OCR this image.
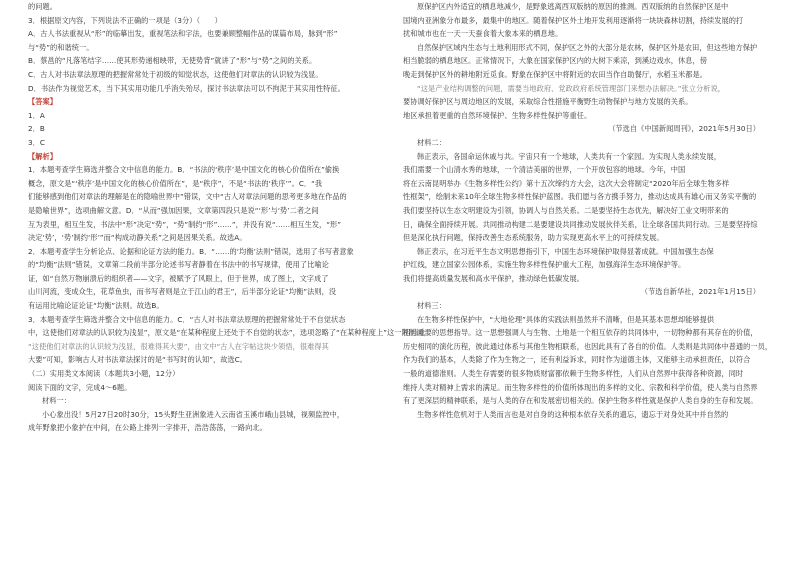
的问题。
3．根据原文内容，下列说法不正确的一项是（3分）（　　）
A．古人书法重视从“形”的临摹出发，重视笔法和字法，也要兼顾整幅作品的谋篇布局，脉到“形”
与“势”的和谐统一。
B．蔡邕的“凡落笔结字……使其形势递相映带，无使势背”就讲了“形”与“势”之间的关系。
C．古人对书法章法原理的把握常常处于初级的知觉状态，这使他们对章法的认识较为浅显。
D．书法作为视觉艺术，当下其实用功能几乎消失殆尽，探讨书法章法可以不拘泥于其实用性特征。
【答案】
1．A
2．B
3．C
【解析】
1．本题考查学生筛选并整合文中信息的能力。B．“书法的‘秩序’是中国文化的核心价值所在”偷换
概念，原文是“‘秩序’是中国文化的核心价值所在”，是“秩序”，不是“书法的‘秩序’”。C．“我
们能够感到他们对章法的理解是在的隐喻世界中”错误，文中“古人对章法问题的思考更多地在作品的
是隐喻世界”，选项曲解文意。D．“从而”强加因果，文章第四段只是说“‘形’与‘势’二者之间
互为表里，相互生发，书法中“形”决定“势”，“势”制约“形”……”，并没有说“……相互生发，“形”
决定‘势’，‘势’制约‘形’”而“构成动静关系”之间是因果关系。故选A。
2．本题考查学生分析论点、论据和论证方法的能力。B．“……的‘均衡’法则”错误，选用了书写者意象
的“均衡”法则”错误，文章第二段前半部分论述书写者静着在书法中的书写规律，使用了比喻论
证，如“自然万物崩溃后的组织者——文字，被赋予了风眼上，但于世界，成了图上，文字成了
山川河流，变成众生，花草鱼虫，而书写者则是立于江山的君王”，后半部分论证“均衡”法则，没
有运用比喻论证论证“均衡”法则。故选B。
3．本题考查学生筛选并整合文中信息的能力。C．“古人对书法章法原理的把握常常处于不自觉状态
中，这使他们对章法的认识较为浅显”，原文是“在某种程度上还处于不自觉的状态”，选项忽略了“在某种程度上”这一限制词；
“这使他们对章法的认识较为浅显，很难得其大要”，由文中“古人在字帖这块少领悟，很难得其
大要”可知，影响古人对书法章法探讨的是“书写时的认知”，故选C。
（二）实用类文本阅读（本题共3小题，12分）
阅读下面的文字，完成4～6题。
材料一：
小心象出没！5月27日20时30分，15头野生亚洲象进入云南省玉溪市峨山县城，视频监控中，
成年野象把小象护在中间，在公路上排列一字排开，浩浩荡荡，一路向北。
原保护区内外适宜的栖息地减少，是野象逃离西双版纳的原因的推测。西双版纳的自然保护区是中
国境内亚洲象分布最多，最集中的地区。随着保护区外土地开发利用逐渐将一块块森林切割，持续发展的打
扰和城市也在一天一天蚕食着大象本来的栖息地。
自然保护区域内生态与土地利用形式不同，保护区之外的大部分是农林，保护区外是农田，但这些地方保护
相当脆弱的栖息地区。正常情况下，大象在国家保护区内的大树下乘凉，到溪边戏水，休息，傍
晚走到保护区外的耕地附近觅食。野象在保护区中将附近的农田当作自助餐厅，水稻玉米都是。
“这是产业结构调整的问题，需要当地政府、党政政府系统管理部门来想办法解决。”张立分析说，
要协调好保护区与周边地区的发展，采取综合性措施平衡野生动物保护与地方发展的关系。
地区承担着更重的自然环境保护、生物多样性保护等重任。
（节选自《中国新闻周刊》，2021年5月30日）
材料二：
韩正表示，各国命运休戚与共。宇宙只有一个地球，人类共有一个家园。为实现人类永续发展，
我们需要一个山清水秀的地球，一个清洁美丽的世界，一个开放包容的地球。今年，中国
将在云南昆明举办《生物多样性公约》第十五次缔约方大会，这次大会将制定“2020年后全球生物多样
性框架”，绘制未来10年全球生物多样性保护蓝图。我们愿与各方携手努力，推动达成具有雄心而又务实平衡的
我们要坚持以生态文明建设为引领，协调人与自然关系。二是要坚持生态优先，解决好工业文明带来的
日，确保全面持续开展。共同推动构建二是要建设共同推动发展伙伴关系，让全球各国共同行动。三是要坚持综
但是深化执行问题，保持改善生态系统服务，助力实现更高水平上的可持续发展。
韩正表示，在习近平生态文明思想指引下，中国生态环境保护取得显著成就。中国加强生态保
护红线，建立国家公园体系，实施生物多样性保护重大工程，加强海洋生态环境保护等。
我们将提高质量发展和高水平保护，推动绿色低碳发展。
（节选自新华社，2021年1月15日）
材料三：
在生物多样性保护中，“大地伦理”具体的实践法则虽然并不清晰，但是其基本思想却能够提供
相当重要的思想指导。这一思想强调人与生物、土地是一个相互依存的共同体中，一切物种都有其存在的价值，
历史相同的演化历程，彼此通过体系与其他生物相联系，也因此具有了各自的价值。人类则是共同体中普通的一员，
作为我们的基本，人类除了作为生物之一，还有利益诉求，同时作为道德主体，又能够主动承担责任，以符合
一般的道德准则。人类生存需要的很多物质财富都依赖于生物多样性，人们从自然界中获得各种资源，同时
维持人类对精神上需求的满足。而生物多样性的价值所体现出的多样的文化、宗教和科学价值，使人类与自然界
有了更深层的精神联系，是与人类的存在和发展密切相关的。保护生物多样性就是保护人类自身的生存和发展。
生物多样性危机对于人类而言也是对自身的这种根本依存关系的遗忘，遗忘于对身处其中并自然的
